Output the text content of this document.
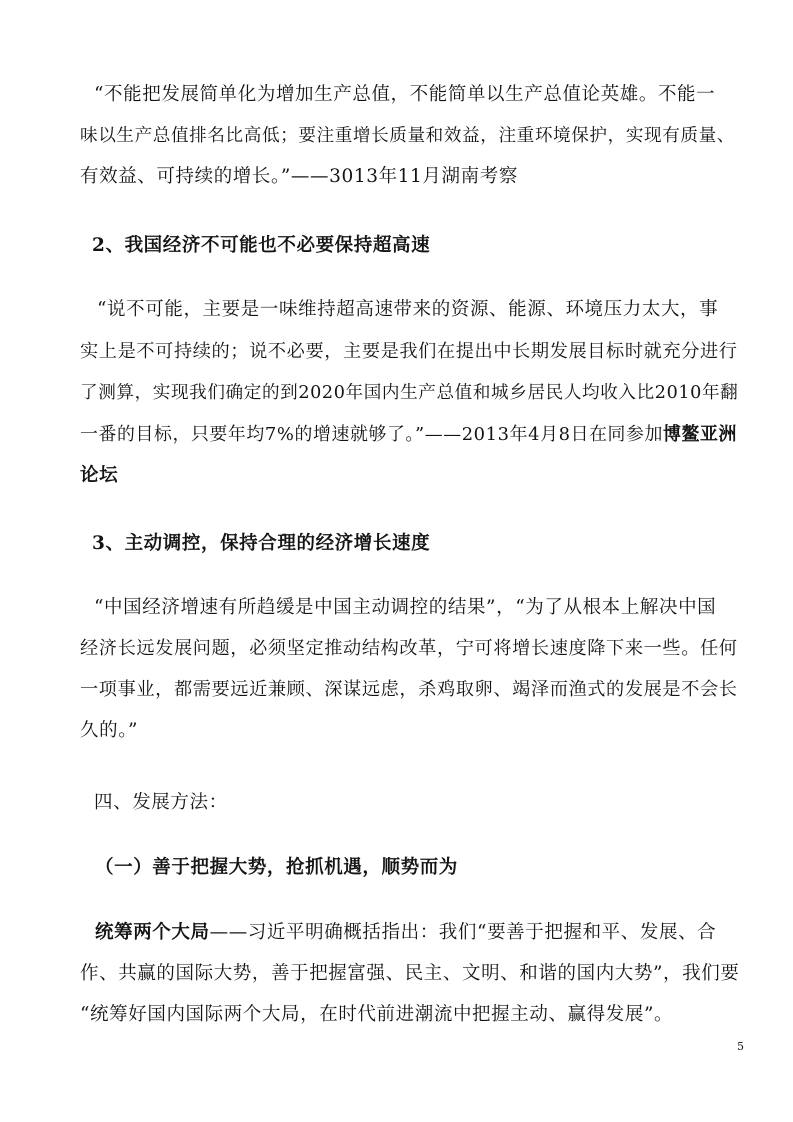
“不能把发展简单化为增加生产总值，不能简单以生产总值论英雄。不能一
味以生产总值排名比高低；要注重增长质量和效益，注重环境保护，实现有质量、
有效益、可持续的增长。”——3013年11月湖南考察
2、我国经济不可能也不必要保持超高速
“说不可能，主要是一味维持超高速带来的资源、能源、环境压力太大，事
实上是不可持续的；说不必要，主要是我们在提出中长期发展目标时就充分进行
了测算，实现我们确定的到2020年国内生产总值和城乡居民人均收入比2010年翻
一番的目标，只要年均7%的增速就够了。”——2013年4月8日在同参加博鳌亚洲
论坛
3、主动调控，保持合理的经济增长速度
“中国经济增速有所趋缓是中国主动调控的结果”，“为了从根本上解决中国
经济长远发展问题，必须坚定推动结构改革，宁可将增长速度降下来一些。任何
一项事业，都需要远近兼顾、深谋远虑，杀鸡取卵、竭泽而渔式的发展是不会长
久的。”
四、发展方法：
（一）善于把握大势，抢抓机遇，顺势而为
统筹两个大局——习近平明确概括指出：我们“要善于把握和平、发展、合
作、共赢的国际大势，善于把握富强、民主、文明、和谐的国内大势”，我们要
“统筹好国内国际两个大局，在时代前进潮流中把握主动、赢得发展”。
5
